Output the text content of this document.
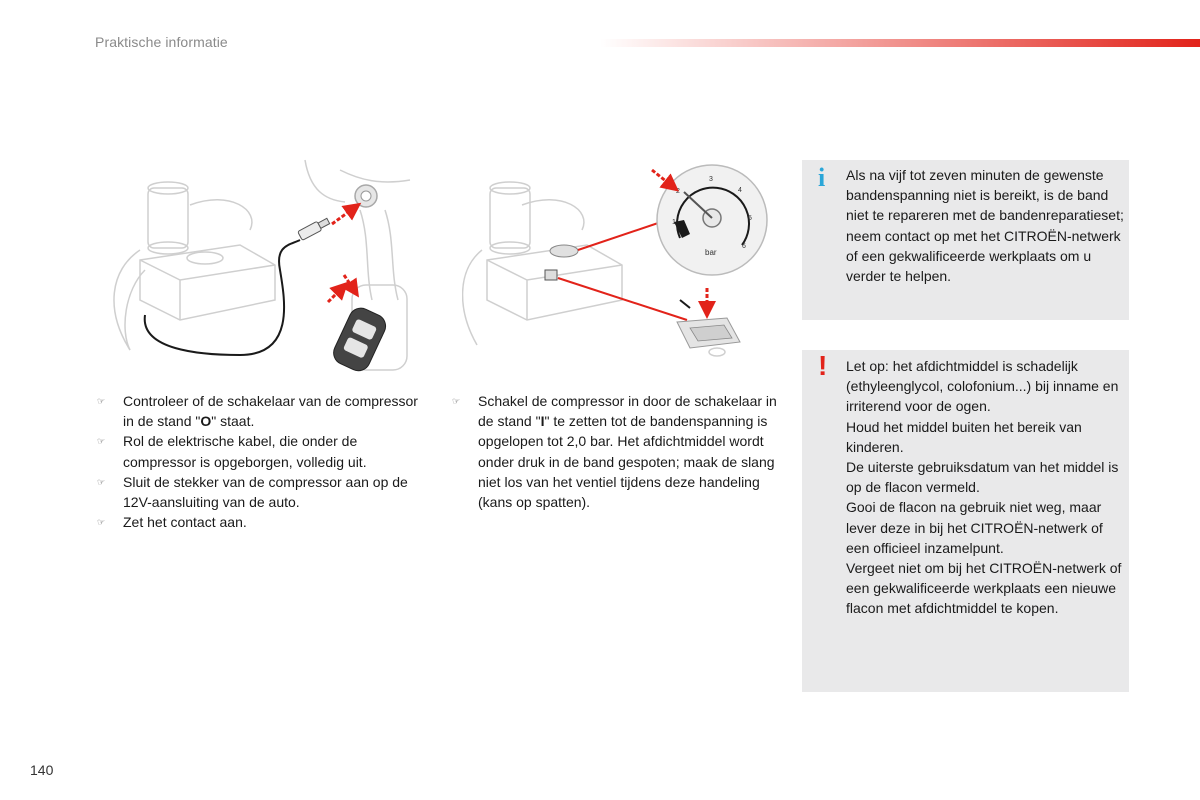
Praktische informatie
1
2
3
4
5
6
bar
☞ Controleer of de schakelaar van de compressor in de stand "O" staat.
☞ Rol de elektrische kabel, die onder de compressor is opgeborgen, volledig uit.
☞ Sluit de stekker van de compressor aan op de 12V-aansluiting van de auto.
☞ Zet het contact aan.
☞ Schakel de compressor in door de schakelaar in de stand "I" te zetten tot de bandenspanning is opgelopen tot 2,0 bar. Het afdichtmiddel wordt onder druk in de band gespoten; maak de slang niet los van het ventiel tijdens deze handeling (kans op spatten).
i Als na vijf tot zeven minuten de gewenste bandenspanning niet is bereikt, is de band niet te repareren met de bandenreparatieset; neem contact op met het CITROËN-netwerk of een gekwalificeerde werkplaats om u verder te helpen.
! Let op: het afdichtmiddel is schadelijk (ethyleenglycol, colofonium...) bij inname en irriterend voor de ogen.
Houd het middel buiten het bereik van kinderen.
De uiterste gebruiksdatum van het middel is op de flacon vermeld.
Gooi de flacon na gebruik niet weg, maar lever deze in bij het CITROËN-netwerk of een officieel inzamelpunt.
Vergeet niet om bij het CITROËN-netwerk of een gekwalificeerde werkplaats een nieuwe flacon met afdichtmiddel te kopen.
140
